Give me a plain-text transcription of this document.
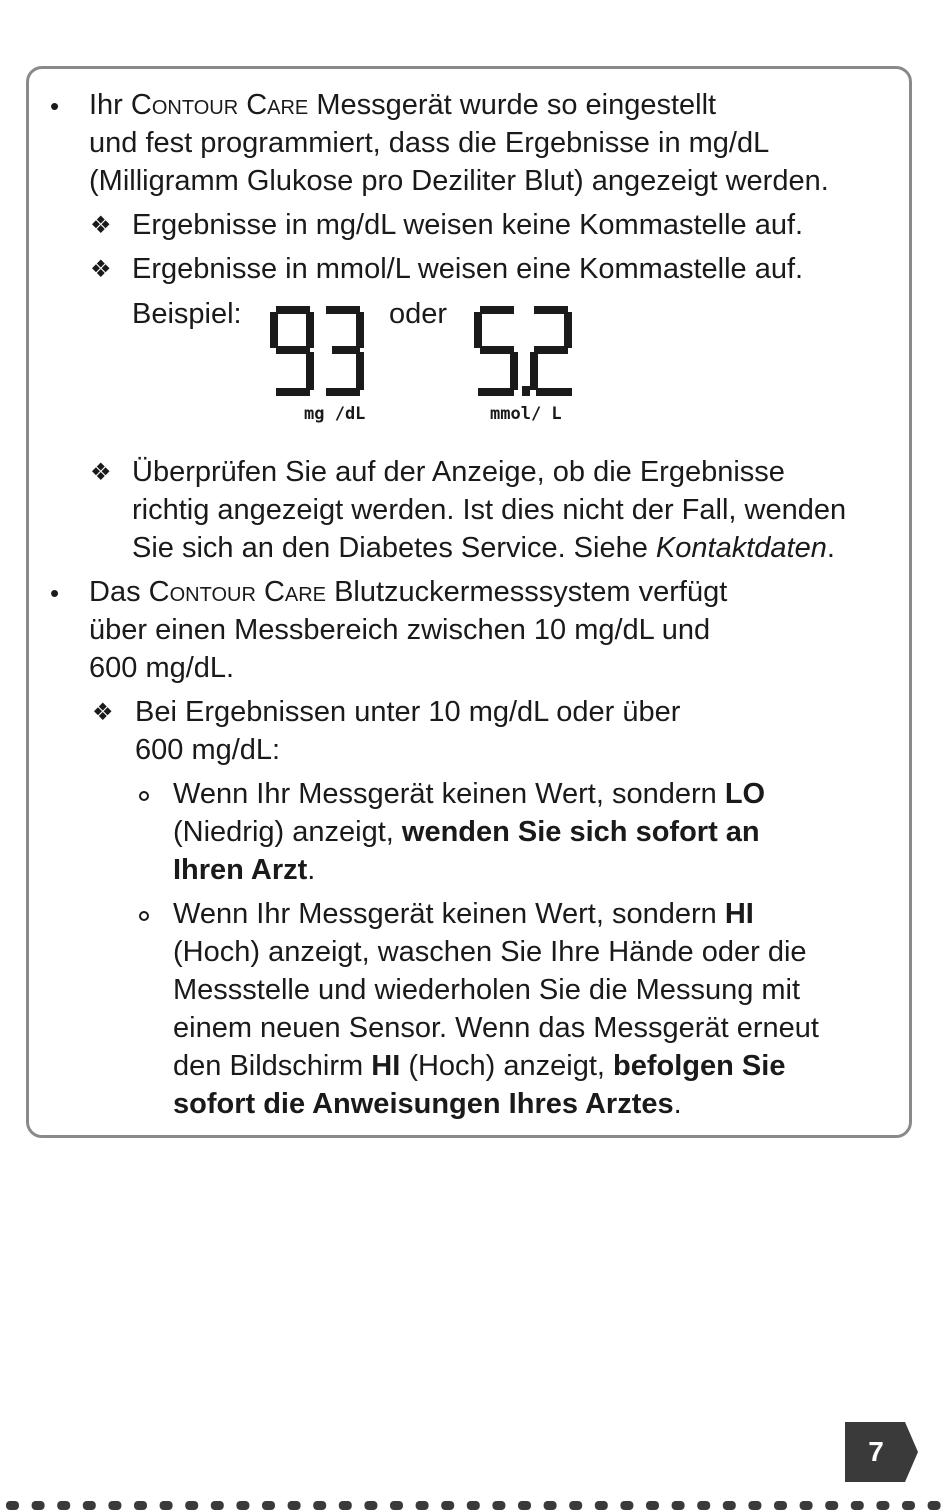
• Ihr Contour Care Messgerät wurde so eingestellt
und fest programmiert, dass die Ergebnisse in mg/dL
(Milligramm Glukose pro Deziliter Blut) angezeigt werden.
❖ Ergebnisse in mg/dL weisen keine Kommastelle auf.
❖ Ergebnisse in mmol/L weisen eine Kommastelle auf.
Beispiel:	oder
mg /dL	mmol/ L
❖ Überprüfen Sie auf der Anzeige, ob die Ergebnisse
richtig angezeigt werden. Ist dies nicht der Fall, wenden
Sie sich an den Diabetes Service. Siehe Kontaktdaten.
• Das Contour Care Blutzuckermesssystem verfügt
über einen Messbereich zwischen 10 mg/dL und
600 mg/dL.
❖ Bei Ergebnissen unter 10 mg/dL oder über
600 mg/dL:
Wenn Ihr Messgerät keinen Wert, sondern LO
(Niedrig) anzeigt, wenden Sie sich sofort an
Ihren Arzt.
Wenn Ihr Messgerät keinen Wert, sondern HI
(Hoch) anzeigt, waschen Sie Ihre Hände oder die
Messstelle und wiederholen Sie die Messung mit
einem neuen Sensor. Wenn das Messgerät erneut
den Bildschirm HI (Hoch) anzeigt, befolgen Sie
sofort die Anweisungen Ihres Arztes.
7
